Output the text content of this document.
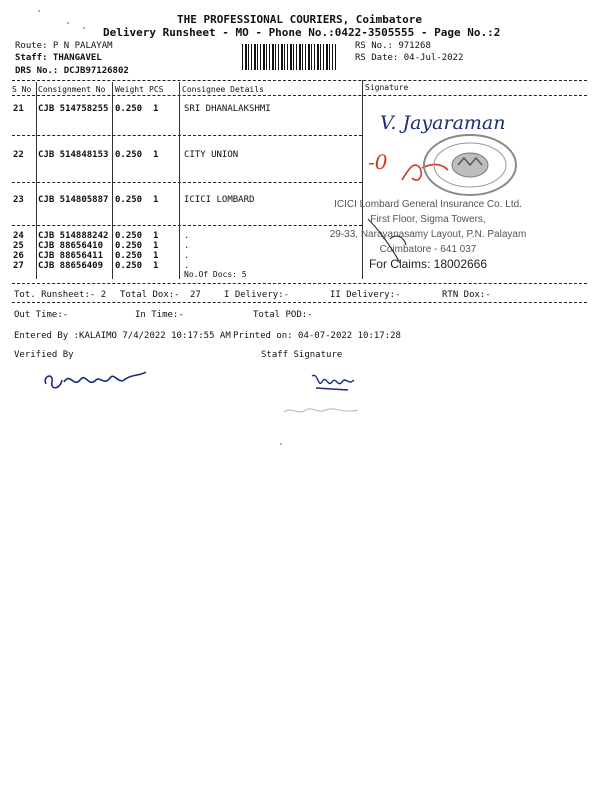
THE PROFESSIONAL COURIERS, Coimbatore
Delivery Runsheet - MO - Phone No.:0422-3505555 - Page No.:2
Route: P N PALAYAM
Staff: THANGAVEL
DRS No.: DCJB97126802
RS No.: 971268
RS Date: 04-Jul-2022
S No Consignment No Weight PCS Consignee Details	Signature
21 CJB 514758255 0.250 1	SRI DHANALAKSHMI
22 CJB 514848153 0.250 1	CITY UNION
23 CJB 514805887 0.250 1	ICICI LOMBARD
24 CJB 514888242 0.250 1	.
25 CJB 88656410 0.250 1	.
26 CJB 88656411 0.250 1	.
27 CJB 88656409 0.250 1	.
No.Of Docs: 5
V. Jayaraman
-0
ICICI Lombard General Insurance Co. Ltd.
First Floor, Sigma Towers,
29-33, Narayanasamy Layout, P.N. Palayam
Coimbatore - 641 037
For Claims: 18002666
Tot. Runsheet:- 2 Total Dox:- 27	I Delivery:-	II Delivery:-	RTN Dox:-
Out Time:-	In Time:-	Total POD:-
Entered By :KALAIMO 7/4/2022 10:17:55 AM Printed on: 04-07-2022 10:17:28
Verified By	Staff Signature
